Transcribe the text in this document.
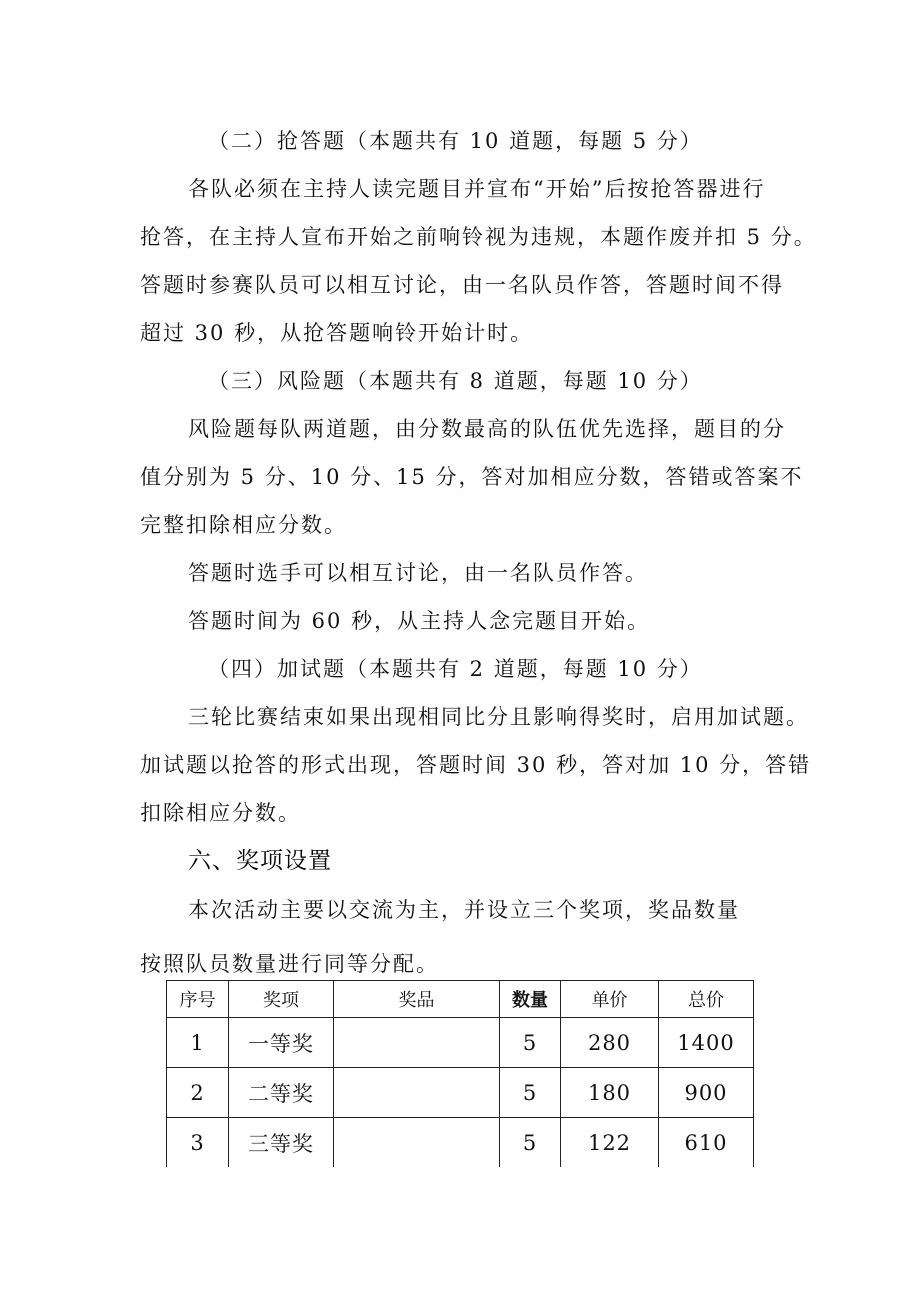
（二）抢答题（本题共有 10 道题，每题 5 分）
各队必须在主持人读完题目并宣布“开始”后按抢答器进行
抢答，在主持人宣布开始之前响铃视为违规，本题作废并扣 5 分。
答题时参赛队员可以相互讨论，由一名队员作答，答题时间不得
超过 30 秒，从抢答题响铃开始计时。
（三）风险题（本题共有 8 道题，每题 10 分）
风险题每队两道题，由分数最高的队伍优先选择，题目的分
值分别为 5 分、10 分、15 分，答对加相应分数，答错或答案不
完整扣除相应分数。
答题时选手可以相互讨论，由一名队员作答。
答题时间为 60 秒，从主持人念完题目开始。
（四）加试题（本题共有 2 道题，每题 10 分）
三轮比赛结束如果出现相同比分且影响得奖时，启用加试题。
加试题以抢答的形式出现，答题时间 30 秒，答对加 10 分，答错
扣除相应分数。
六、奖项设置
本次活动主要以交流为主，并设立三个奖项，奖品数量
按照队员数量进行同等分配。
序号	奖项	奖品	数量	单价	总价
1	一等奖		5	280	1400
2	二等奖		5	180	900
3	三等奖		5	122	610
